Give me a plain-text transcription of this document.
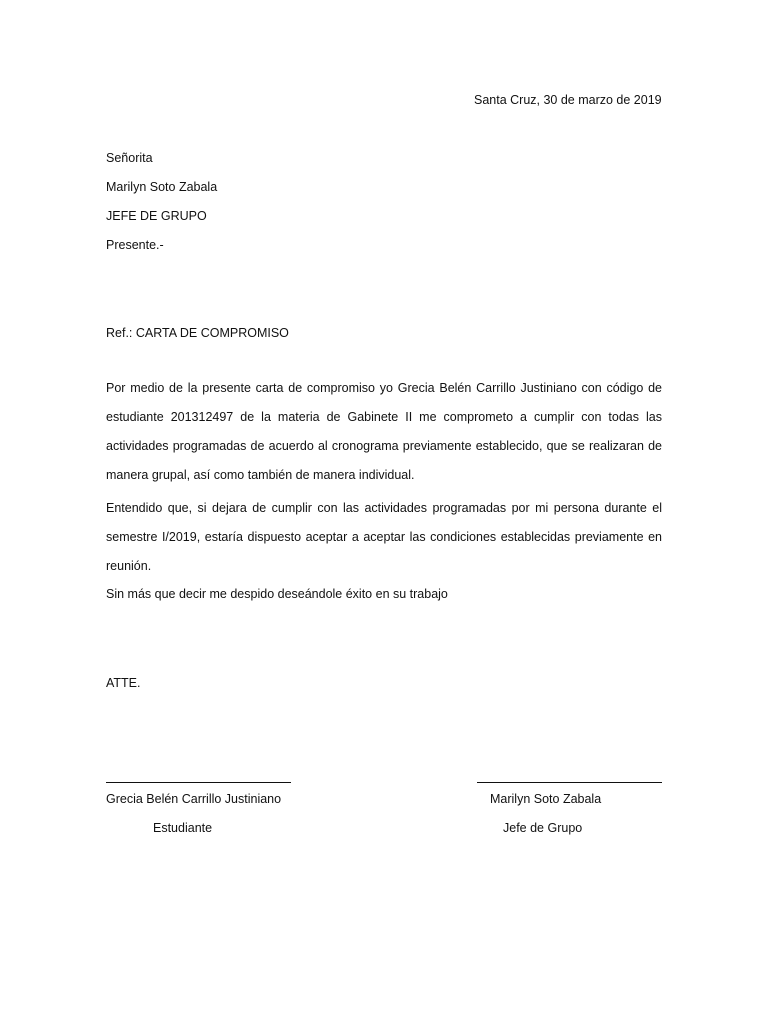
Santa Cruz, 30 de marzo de 2019
Señorita
Marilyn Soto Zabala
JEFE DE GRUPO
Presente.-
Ref.: CARTA DE COMPROMISO
Por medio de la presente carta de compromiso yo Grecia Belén Carrillo Justiniano con código de estudiante 201312497 de la materia de Gabinete II me comprometo a cumplir con todas las actividades programadas de acuerdo al cronograma previamente establecido, que se realizaran de manera grupal, así como también de manera individual.
Entendido que, si dejara de cumplir con las actividades programadas por mi persona durante el semestre I/2019, estaría dispuesto aceptar a aceptar las condiciones establecidas previamente en reunión.
Sin más que decir me despido deseándole éxito en su trabajo
ATTE.
Grecia Belén Carrillo Justiniano
Estudiante
Marilyn Soto Zabala
Jefe de Grupo
